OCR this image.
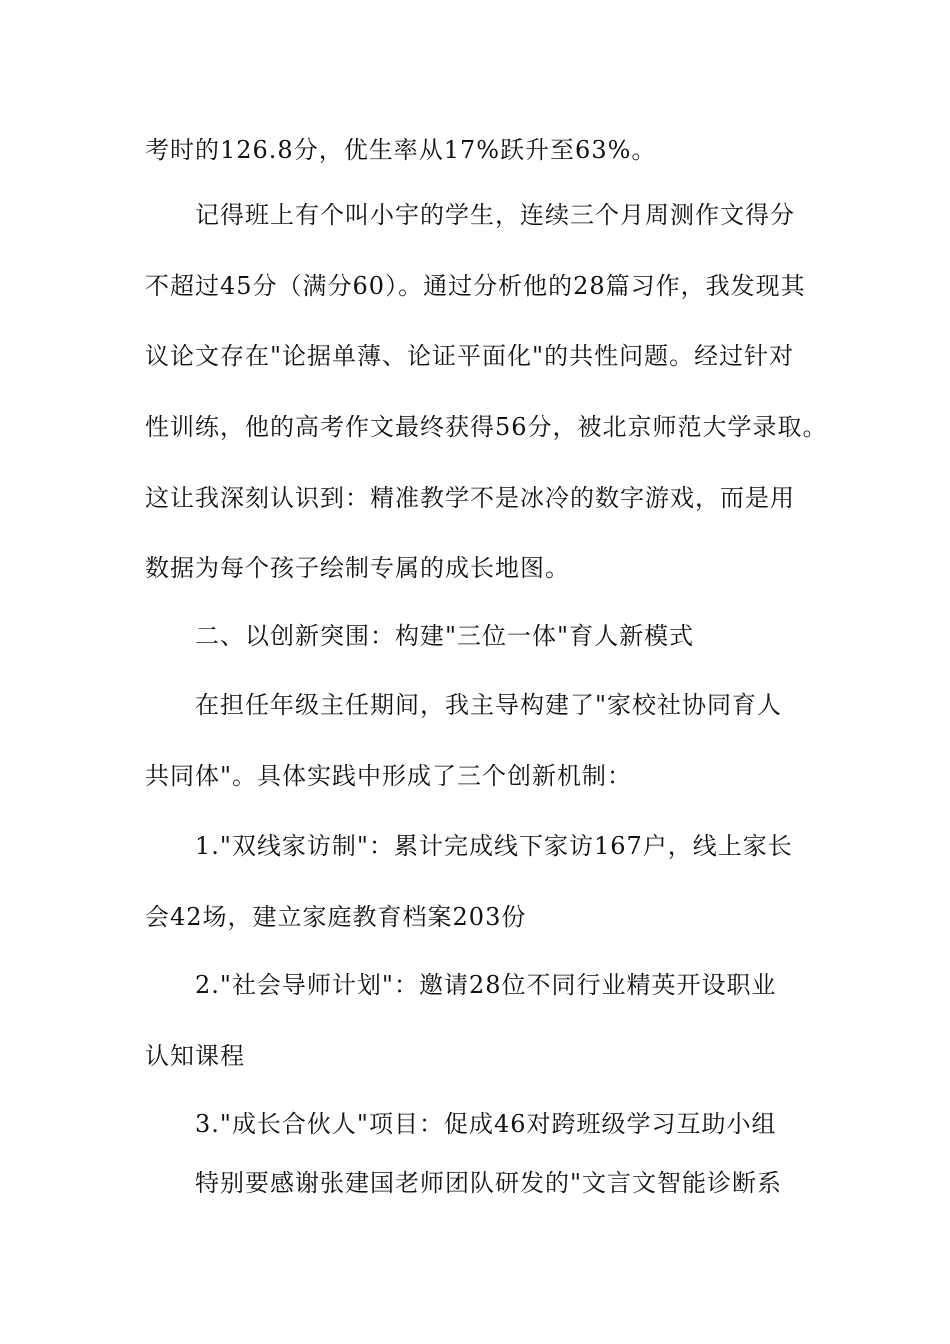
考时的126.8分，优生率从17%跃升至63%。
记得班上有个叫小宇的学生，连续三个月周测作文得分
不超过45分（满分60）。通过分析他的28篇习作，我发现其
议论文存在"论据单薄、论证平面化"的共性问题。经过针对
性训练，他的高考作文最终获得56分，被北京师范大学录取。
这让我深刻认识到：精准教学不是冰冷的数字游戏，而是用
数据为每个孩子绘制专属的成长地图。
二、以创新突围：构建"三位一体"育人新模式
在担任年级主任期间，我主导构建了"家校社协同育人
共同体"。具体实践中形成了三个创新机制：
1."双线家访制"：累计完成线下家访167户，线上家长
会42场，建立家庭教育档案203份
2."社会导师计划"：邀请28位不同行业精英开设职业
认知课程
3."成长合伙人"项目：促成46对跨班级学习互助小组
特别要感谢张建国老师团队研发的"文言文智能诊断系
